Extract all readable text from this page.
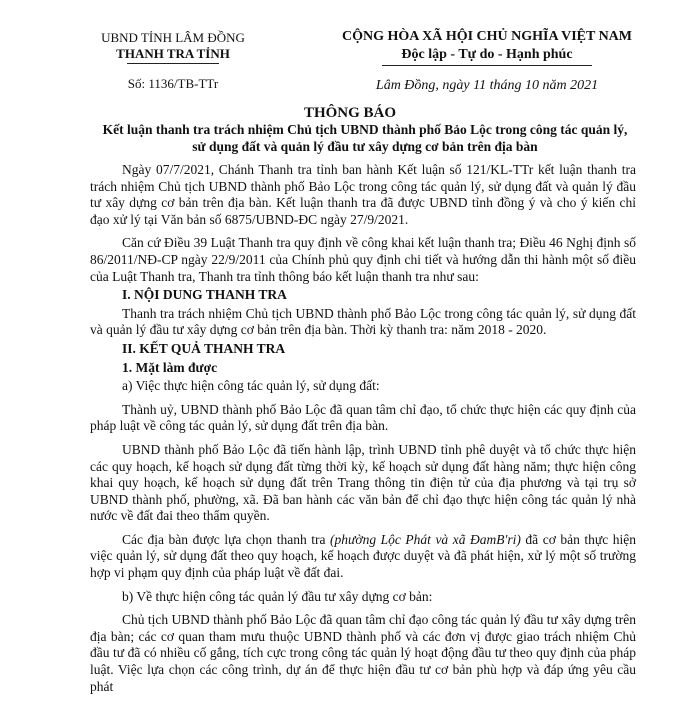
UBND TỈNH LÂM ĐỒNG
THANH TRA TỈNH
Số: 1136/TB-TTr
CỘNG HÒA XÃ HỘI CHỦ NGHĨA VIỆT NAM
Độc lập - Tự do - Hạnh phúc
Lâm Đồng, ngày 11 tháng 10 năm 2021
THÔNG BÁO
Kết luận thanh tra trách nhiệm Chủ tịch UBND thành phố Bảo Lộc trong công tác quản lý, sử dụng đất và quản lý đầu tư xây dựng cơ bản trên địa bàn

Ngày 07/7/2021, Chánh Thanh tra tỉnh ban hành Kết luận số 121/KL-TTr kết luận thanh tra trách nhiệm Chủ tịch UBND thành phố Bảo Lộc trong công tác quản lý, sử dụng đất và quản lý đầu tư xây dựng cơ bản trên địa bàn. Kết luận thanh tra đã được UBND tỉnh đồng ý và cho ý kiến chỉ đạo xử lý tại Văn bản số 6875/UBND-ĐC ngày 27/9/2021.

Căn cứ Điều 39 Luật Thanh tra quy định về công khai kết luận thanh tra; Điều 46 Nghị định số 86/2011/NĐ-CP ngày 22/9/2011 của Chính phủ quy định chi tiết và hướng dẫn thi hành một số điều của Luật Thanh tra, Thanh tra tỉnh thông báo kết luận thanh tra như sau:

I. NỘI DUNG THANH TRA

Thanh tra trách nhiệm Chủ tịch UBND thành phố Bảo Lộc trong công tác quản lý, sử dụng đất và quản lý đầu tư xây dựng cơ bản trên địa bàn. Thời kỳ thanh tra: năm 2018 - 2020.

II. KẾT QUẢ THANH TRA
1. Mặt làm được

a) Việc thực hiện công tác quản lý, sử dụng đất:

Thành uỷ, UBND thành phố Bảo Lộc đã quan tâm chỉ đạo, tổ chức thực hiện các quy định của pháp luật về công tác quản lý, sử dụng đất trên địa bàn.

UBND thành phố Bảo Lộc đã tiến hành lập, trình UBND tỉnh phê duyệt và tổ chức thực hiện các quy hoạch, kế hoạch sử dụng đất từng thời kỳ, kế hoạch sử dụng đất hàng năm; thực hiện công khai quy hoạch, kế hoạch sử dụng đất trên Trang thông tin điện tử của địa phương và tại trụ sở UBND thành phố, phường, xã. Đã ban hành các văn bản để chỉ đạo thực hiện công tác quản lý nhà nước về đất đai theo thẩm quyền.

Các địa bàn được lựa chọn thanh tra (phường Lộc Phát và xã ĐamB'ri) đã cơ bản thực hiện việc quản lý, sử dụng đất theo quy hoạch, kế hoạch được duyệt và đã phát hiện, xử lý một số trường hợp vi phạm quy định của pháp luật về đất đai.

b) Về thực hiện công tác quản lý đầu tư xây dựng cơ bản:

Chủ tịch UBND thành phố Bảo Lộc đã quan tâm chỉ đạo công tác quản lý đầu tư xây dựng trên địa bàn; các cơ quan tham mưu thuộc UBND thành phố và các đơn vị được giao trách nhiệm Chủ đầu tư đã có nhiều cố gắng, tích cực trong công tác quản lý hoạt động đầu tư theo quy định của pháp luật. Việc lựa chọn các công trình, dự án để thực hiện đầu tư cơ bản phù hợp và đáp ứng yêu cầu phát
